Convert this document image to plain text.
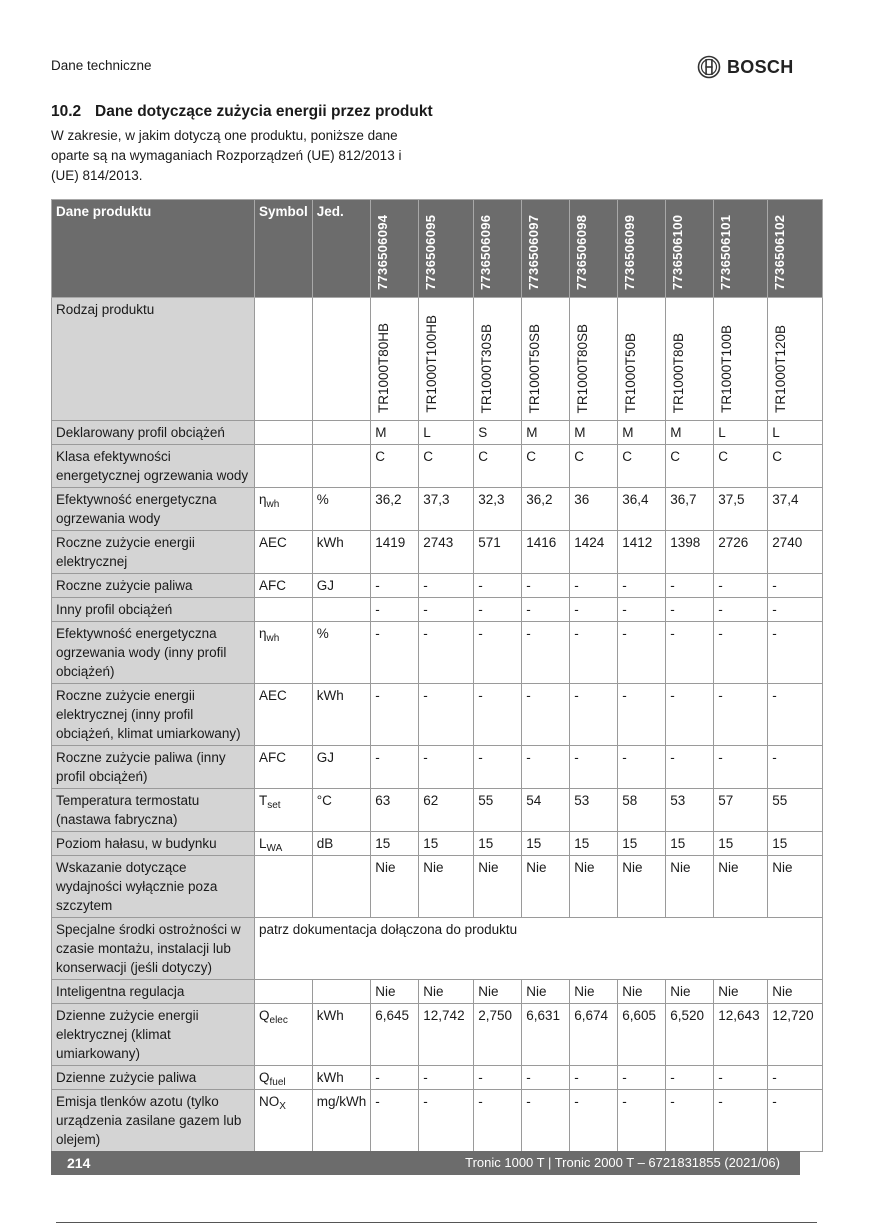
Dane techniczne	BOSCH
10.2 Dane dotyczące zużycia energii przez produkt
W zakresie, w jakim dotyczą one produktu, poniższe dane oparte są na wymaganiach Rozporządzeń (UE) 812/2013 i (UE) 814/2013.
Dane produktu	Symbol	Jed.	7736506094	7736506095	7736506096	7736506097	7736506098	7736506099	7736506100	7736506101	7736506102
Rodzaj produktu			TR1000T80HB	TR1000T100HB	TR1000T30SB	TR1000T50SB	TR1000T80SB	TR1000T50B	TR1000T80B	TR1000T100B	TR1000T120B
Deklarowany profil obciążeń			M	L	S	M	M	M	M	L	L
Klasa efektywności energetycznej ogrzewania wody			C	C	C	C	C	C	C	C	C
Efektywność energetyczna ogrzewania wody	$\eta_{wh}$	%	36,2	37,3	32,3	36,2	36	36,4	36,7	37,5	37,4
Roczne zużycie energii elektrycznej	AEC	kWh	1419	2743	571	1416	1424	1412	1398	2726	2740
Roczne zużycie paliwa	AFC	GJ	-	-	-	-	-	-	-	-	-
Inny profil obciążeń			-	-	-	-	-	-	-	-	-
Efektywność energetyczna ogrzewania wody (inny profil obciążeń)	$\eta_{wh}$	%	-	-	-	-	-	-	-	-	-
Roczne zużycie energii elektrycznej (inny profil obciążeń, klimat umiarkowany)	AEC	kWh	-	-	-	-	-	-	-	-	-
Roczne zużycie paliwa (inny profil obciążeń)	AFC	GJ	-	-	-	-	-	-	-	-	-
Temperatura termostatu (nastawa fabryczna)	$T_{set}$	°C	63	62	55	54	53	58	53	57	55
Poziom hałasu, w budynku	$L_{WA}$	dB	15	15	15	15	15	15	15	15	15
Wskazanie dotyczące wydajności wyłącznie poza szczytem			Nie	Nie	Nie	Nie	Nie	Nie	Nie	Nie	Nie
Specjalne środki ostrożności w czasie montażu, instalacji lub konserwacji (jeśli dotyczy)	patrz dokumentacja dołączona do produktu										
Inteligentna regulacja			Nie	Nie	Nie	Nie	Nie	Nie	Nie	Nie	Nie
Dzienne zużycie energii elektrycznej (klimat umiarkowany)	$Q_{elec}$	kWh	6,645	12,742	2,750	6,631	6,674	6,605	6,520	12,643	12,720
Dzienne zużycie paliwa	$Q_{fuel}$	kWh	-	-	-	-	-	-	-	-	-
Emisja tlenków azotu (tylko urządzenia zasilane gazem lub olejem)	$NO_X$	mg/kWh	-	-	-	-	-	-	-	-	-
214	Tronic 1000 T | Tronic 2000 T – 6721831855 (2021/06)
